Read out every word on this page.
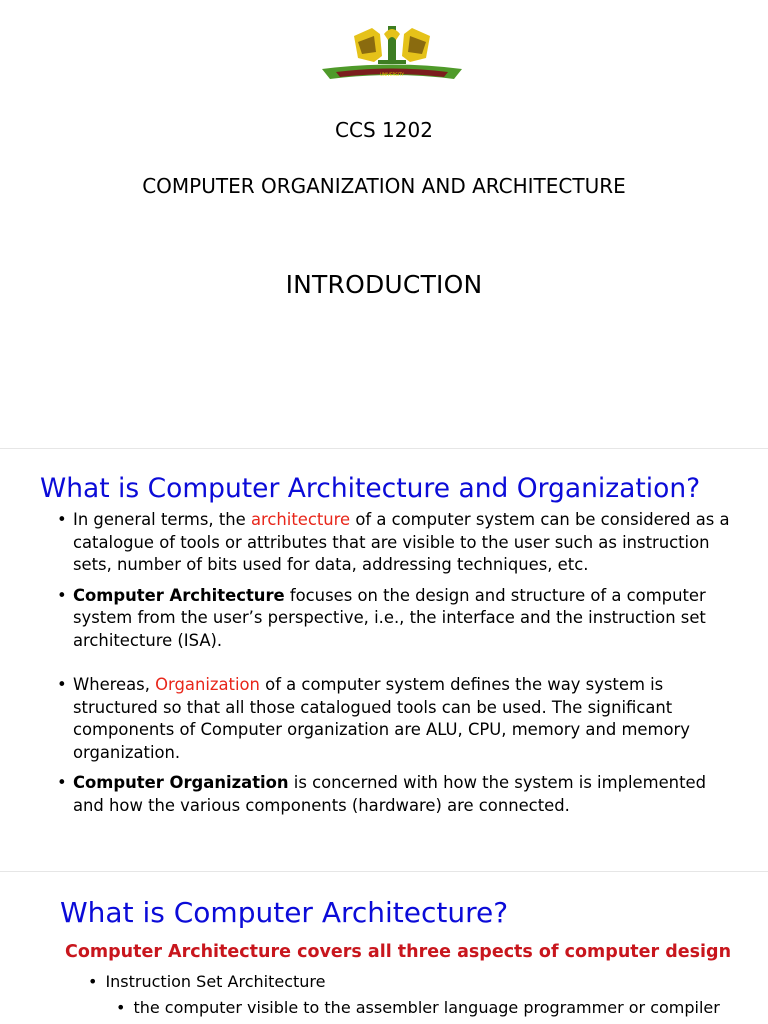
UNIVERSITY
CCS 1202
COMPUTER ORGANIZATION AND ARCHITECTURE
INTRODUCTION
What is Computer Architecture and Organization?
• In general terms, the architecture of a computer system can be considered as a catalogue of tools or attributes that are visible to the user such as instruction sets, number of bits used for data, addressing techniques, etc.
• Computer Architecture focuses on the design and structure of a computer system from the user’s perspective, i.e., the interface and the instruction set architecture (ISA).
• Whereas, Organization of a computer system defines the way system is structured so that all those catalogued tools can be used. The significant components of Computer organization are ALU, CPU, memory and memory organization.
• Computer Organization is concerned with how the system is implemented and how the various components (hardware) are connected.
What is Computer Architecture?
Computer Architecture covers all three aspects of computer design
• Instruction Set Architecture
• the computer visible to the assembler language programmer or compiler
